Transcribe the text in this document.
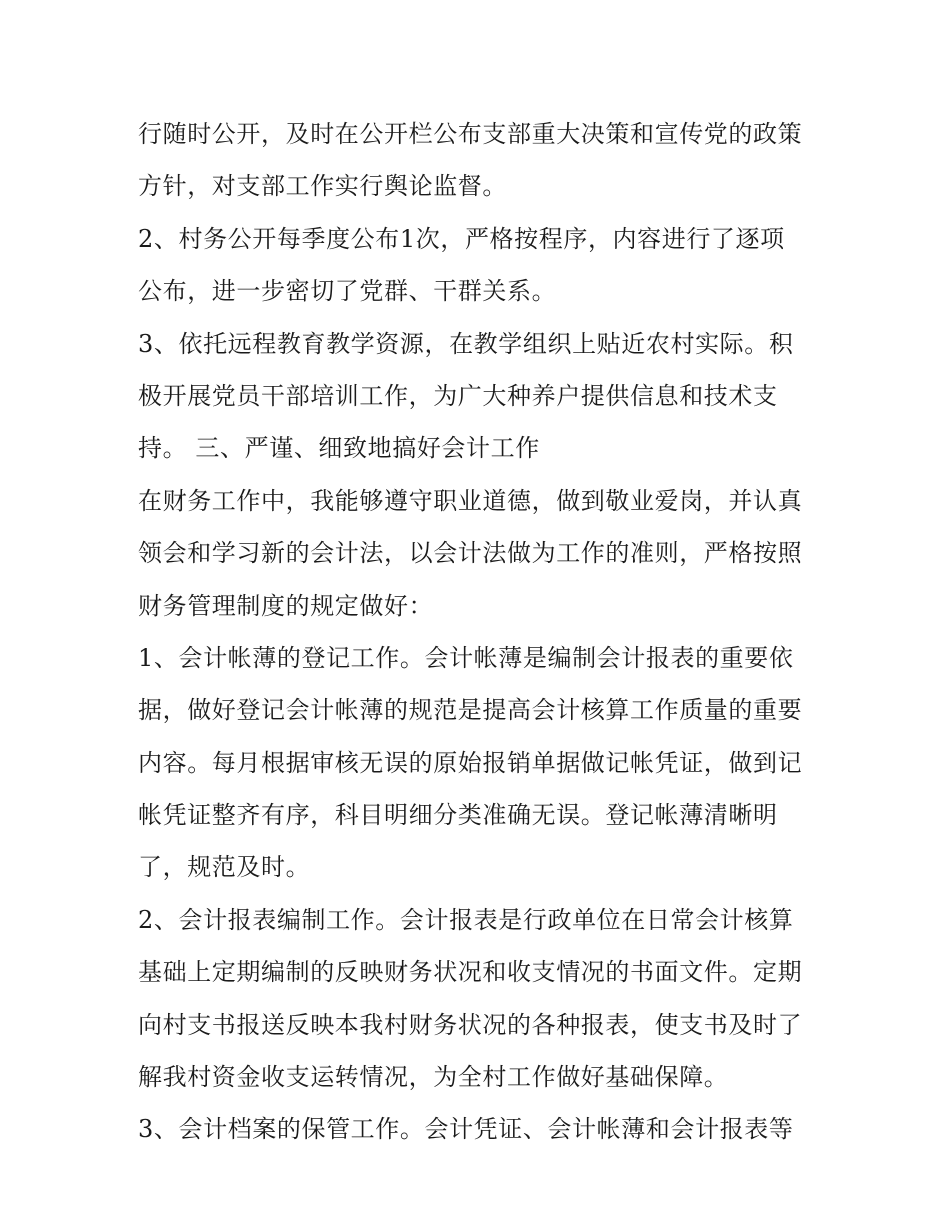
行随时公开，及时在公开栏公布支部重大决策和宣传党的政策
方针，对支部工作实行舆论监督。
2、村务公开每季度公布1次，严格按程序，内容进行了逐项
公布，进一步密切了党群、干群关系。
3、依托远程教育教学资源，在教学组织上贴近农村实际。积
极开展党员干部培训工作，为广大种养户提供信息和技术支
持。 三、严谨、细致地搞好会计工作
在财务工作中，我能够遵守职业道德，做到敬业爱岗，并认真
领会和学习新的会计法，以会计法做为工作的准则，严格按照
财务管理制度的规定做好：
1、会计帐薄的登记工作。会计帐薄是编制会计报表的重要依
据，做好登记会计帐薄的规范是提高会计核算工作质量的重要
内容。每月根据审核无误的原始报销单据做记帐凭证，做到记
帐凭证整齐有序，科目明细分类准确无误。登记帐薄清晰明
了，规范及时。
2、会计报表编制工作。会计报表是行政单位在日常会计核算
基础上定期编制的反映财务状况和收支情况的书面文件。定期
向村支书报送反映本我村财务状况的各种报表，使支书及时了
解我村资金收支运转情况，为全村工作做好基础保障。
3、会计档案的保管工作。会计凭证、会计帐薄和会计报表等
